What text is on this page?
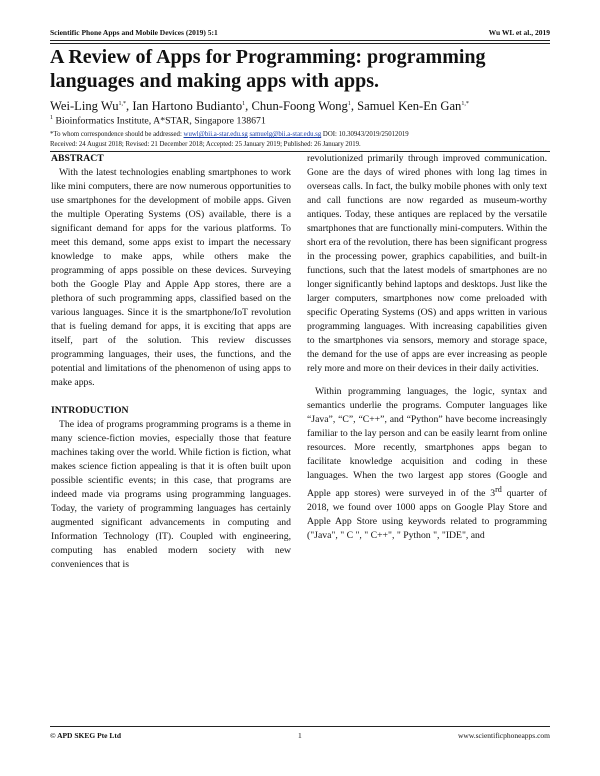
Scientific Phone Apps and Mobile Devices (2019) 5:1	Wu WL et al., 2019
A Review of Apps for Programming: programming languages and making apps with apps.
Wei-Ling $Wu^{1,*}$, Ian Hartono Budianto$^1$, Chun-Foong Wong$^1$, Samuel Ken-En Gan$^{1,*}$
$^1$ Bioinformatics Institute, A*STAR, Singapore 138671
*To whom correspondence should be addressed: wuwl@bii.a-star.edu.sg samuelg@bii.a-star.edu.sg DOI: 10.30943/2019/25012019
Received: 24 August 2018; Revised: 21 December 2018; Accepted: 25 January 2019; Published: 26 January 2019.

ABSTRACT

With the latest technologies enabling smartphones to work like mini computers, there are now numerous opportunities to use smartphones for the development of mobile apps. Given the multiple Operating Systems (OS) available, there is a significant demand for apps for the various platforms. To meet this demand, some apps exist to impart the necessary knowledge to make apps, while others make the programming of apps possible on these devices. Surveying both the Google Play and Apple App stores, there are a plethora of such programming apps, classified based on the various languages. Since it is the smartphone/IoT revolution that is fueling demand for apps, it is exciting that apps are itself, part of the solution. This review discusses programming languages, their uses, the functions, and the potential and limitations of the phenomenon of using apps to make apps.

INTRODUCTION

The idea of programs programming programs is a theme in many science-fiction movies, especially those that feature machines taking over the world. While fiction is fiction, what makes science fiction appealing is that it is often built upon possible scientific events; in this case, that programs are indeed made via programs using programming languages. Today, the variety of programming languages has certainly augmented significant advancements in computing and Information Technology (IT). Coupled with engineering, computing has enabled modern society with new conveniences that is

revolutionized primarily through improved communication. Gone are the days of wired phones with long lag times in overseas calls. In fact, the bulky mobile phones with only text and call functions are now regarded as museum-worthy antiques. Today, these antiques are replaced by the versatile smartphones that are functionally mini-computers. Within the short era of the revolution, there has been significant progress in the processing power, graphics capabilities, and built-in functions, such that the latest models of smartphones are no longer significantly behind laptops and desktops. Just like the larger computers, smartphones now come preloaded with specific Operating Systems (OS) and apps written in various programming languages. With increasing capabilities given to the smartphones via sensors, memory and storage space, the demand for the use of apps are ever increasing as people rely more and more on their devices in their daily activities.

Within programming languages, the logic, syntax and semantics underlie the programs. Computer languages like “Java”, “C”, “C++”, and “Python” have become increasingly familiar to the lay person and can be easily learnt from online resources. More recently, smartphones apps began to facilitate knowledge acquisition and coding in these languages. When the two largest app stores (Google and Apple app stores) were surveyed in of the 3rd quarter of 2018, we found over 1000 apps on Google Play Store and Apple App Store using keywords related to programming ("Java", " C ", " C++", " Python ", "IDE", and

© APD SKEG Pte Ltd	1	www.scientificphoneapps.com
